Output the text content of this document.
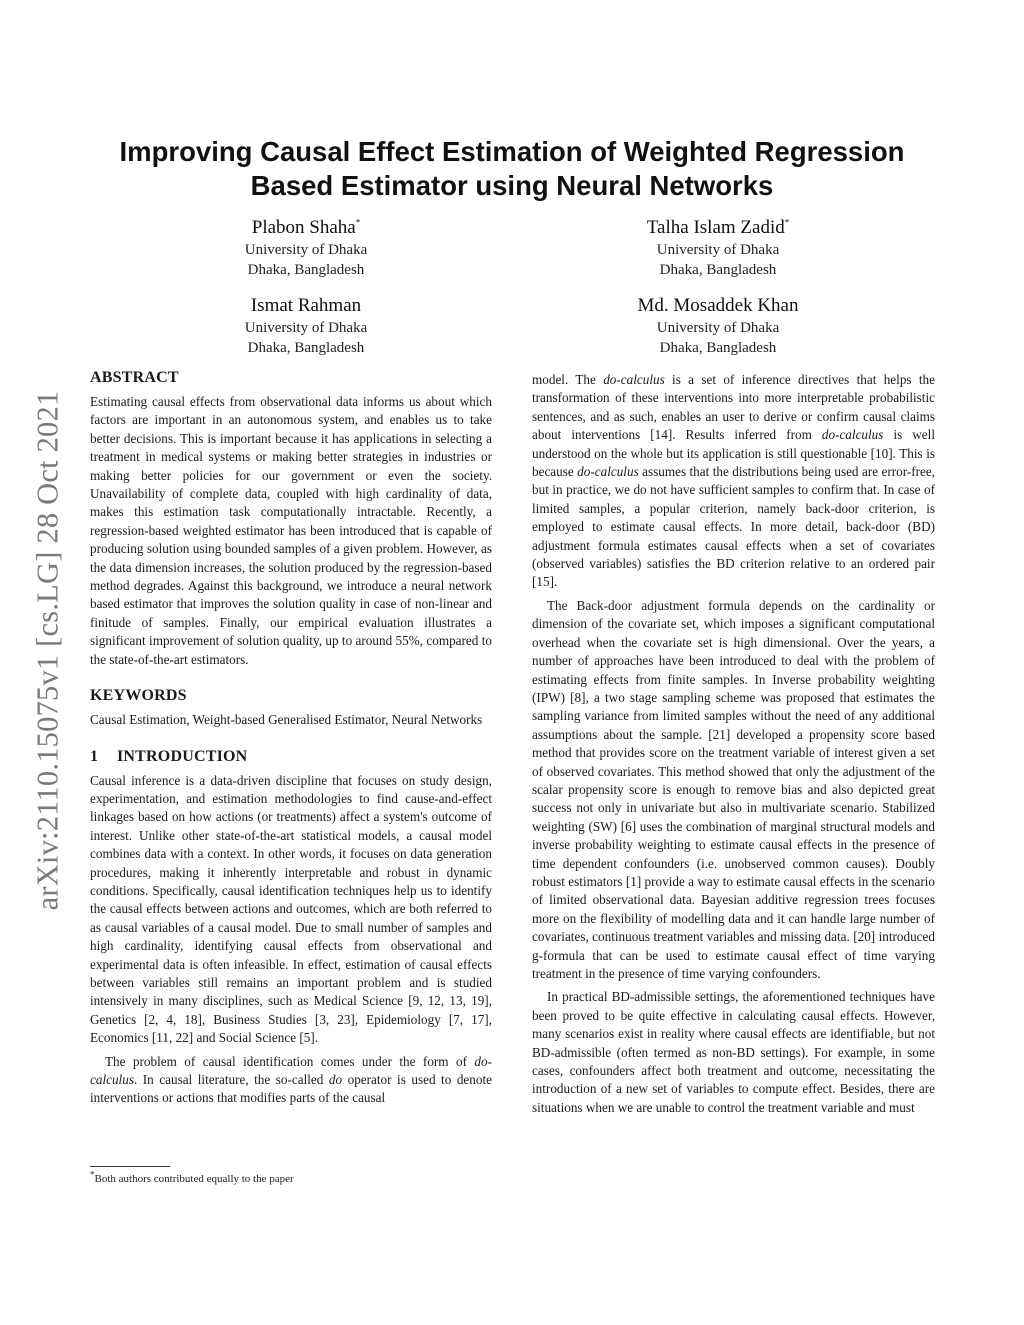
arXiv:2110.15075v1 [cs.LG] 28 Oct 2021
Improving Causal Effect Estimation of Weighted Regression Based Estimator using Neural Networks
Plabon Shaha*
University of Dhaka
Dhaka, Bangladesh
Talha Islam Zadid*
University of Dhaka
Dhaka, Bangladesh
Ismat Rahman
University of Dhaka
Dhaka, Bangladesh
Md. Mosaddek Khan
University of Dhaka
Dhaka, Bangladesh
ABSTRACT

Estimating causal effects from observational data informs us about which factors are important in an autonomous system, and enables us to take better decisions. This is important because it has applications in selecting a treatment in medical systems or making better strategies in industries or making better policies for our government or even the society. Unavailability of complete data, coupled with high cardinality of data, makes this estimation task computationally intractable. Recently, a regression-based weighted estimator has been introduced that is capable of producing solution using bounded samples of a given problem. However, as the data dimension increases, the solution produced by the regression-based method degrades. Against this background, we introduce a neural network based estimator that improves the solution quality in case of non-linear and finitude of samples. Finally, our empirical evaluation illustrates a significant improvement of solution quality, up to around 55%, compared to the state-of-the-art estimators.

KEYWORDS

Causal Estimation, Weight-based Generalised Estimator, Neural Networks

1 INTRODUCTION

Causal inference is a data-driven discipline that focuses on study design, experimentation, and estimation methodologies to find cause-and-effect linkages based on how actions (or treatments) affect a system's outcome of interest. Unlike other state-of-the-art statistical models, a causal model combines data with a context. In other words, it focuses on data generation procedures, making it inherently interpretable and robust in dynamic conditions. Specifically, causal identification techniques help us to identify the causal effects between actions and outcomes, which are both referred to as causal variables of a causal model. Due to small number of samples and high cardinality, identifying causal effects from observational and experimental data is often infeasible. In effect, estimation of causal effects between variables still remains an important problem and is studied intensively in many disciplines, such as Medical Science [9, 12, 13, 19], Genetics [2, 4, 18], Business Studies [3, 23], Epidemiology [7, 17], Economics [11, 22] and Social Science [5].

The problem of causal identification comes under the form of do-calculus. In causal literature, the so-called do operator is used to denote interventions or actions that modifies parts of the causal

model. The do-calculus is a set of inference directives that helps the transformation of these interventions into more interpretable probabilistic sentences, and as such, enables an user to derive or confirm causal claims about interventions [14]. Results inferred from do-calculus is well understood on the whole but its application is still questionable [10]. This is because do-calculus assumes that the distributions being used are error-free, but in practice, we do not have sufficient samples to confirm that. In case of limited samples, a popular criterion, namely back-door criterion, is employed to estimate causal effects. In more detail, back-door (BD) adjustment formula estimates causal effects when a set of covariates (observed variables) satisfies the BD criterion relative to an ordered pair [15].

The Back-door adjustment formula depends on the cardinality or dimension of the covariate set, which imposes a significant computational overhead when the covariate set is high dimensional. Over the years, a number of approaches have been introduced to deal with the problem of estimating effects from finite samples. In Inverse probability weighting (IPW) [8], a two stage sampling scheme was proposed that estimates the sampling variance from limited samples without the need of any additional assumptions about the sample. [21] developed a propensity score based method that provides score on the treatment variable of interest given a set of observed covariates. This method showed that only the adjustment of the scalar propensity score is enough to remove bias and also depicted great success not only in univariate but also in multivariate scenario. Stabilized weighting (SW) [6] uses the combination of marginal structural models and inverse probability weighting to estimate causal effects in the presence of time dependent confounders (i.e. unobserved common causes). Doubly robust estimators [1] provide a way to estimate causal effects in the scenario of limited observational data. Bayesian additive regression trees focuses more on the flexibility of modelling data and it can handle large number of covariates, continuous treatment variables and missing data. [20] introduced g-formula that can be used to estimate causal effect of time varying treatment in the presence of time varying confounders.

In practical BD-admissible settings, the aforementioned techniques have been proved to be quite effective in calculating causal effects. However, many scenarios exist in reality where causal effects are identifiable, but not BD-admissible (often termed as non-BD settings). For example, in some cases, confounders affect both treatment and outcome, necessitating the introduction of a new set of variables to compute effect. Besides, there are situations when we are unable to control the treatment variable and must

*Both authors contributed equally to the paper
